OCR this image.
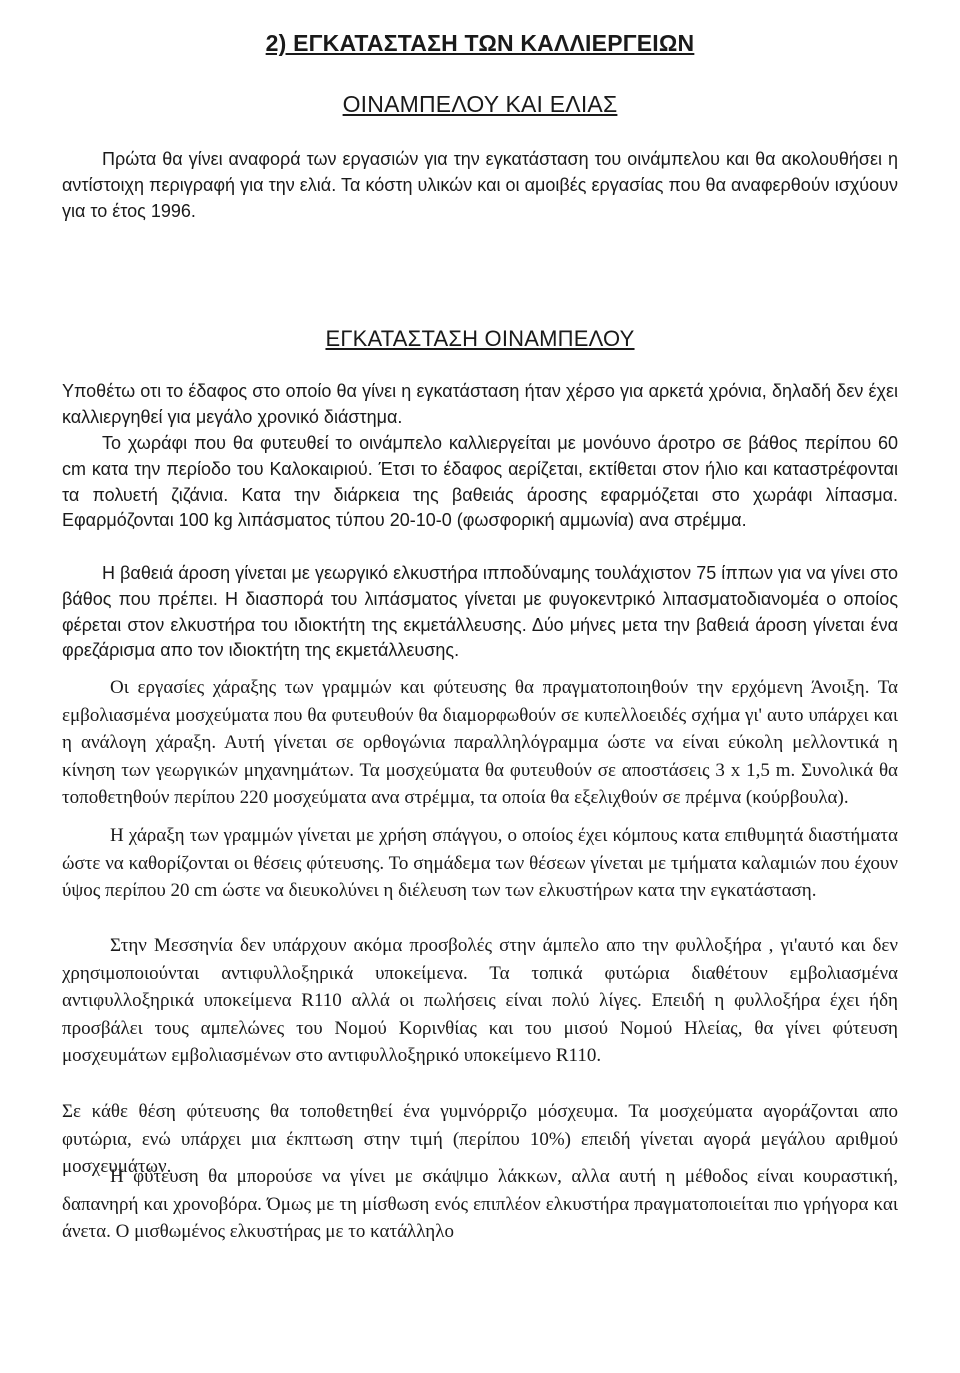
2) ΕΓΚΑΤΑΣΤΑΣΗ ΤΩΝ ΚΑΛΛΙΕΡΓΕΙΩΝ
ΟΙΝΑΜΠΕΛΟΥ ΚΑΙ ΕΛΙΑΣ

Πρώτα θα γίνει αναφορά των εργασιών για την εγκατάσταση του οινάμπελου και θα ακολουθήσει η αντίστοιχη περιγραφή για την ελιά. Τα κόστη υλικών και οι αμοιβές εργασίας που θα αναφερθούν ισχύουν για το έτος 1996.

ΕΓΚΑΤΑΣΤΑΣΗ ΟΙΝΑΜΠΕΛΟΥ

Υποθέτω οτι το έδαφος στο οποίο θα γίνει η εγκατάσταση ήταν χέρσο για αρκετά χρόνια, δηλαδή δεν έχει καλλιεργηθεί για μεγάλο χρονικό διάστημα.

Το χωράφι που θα φυτευθεί το οινάμπελο καλλιεργείται με μονόυνο άροτρο σε βάθος περίπου 60 cm κατα την περίοδο του Καλοκαιριού. Έτσι το έδαφος αερίζεται, εκτίθεται στον ήλιο και καταστρέφονται τα πολυετή ζιζάνια. Κατα την διάρκεια της βαθειάς άροσης εφαρμόζεται στο χωράφι λίπασμα. Εφαρμόζονται 100 kg λιπάσματος τύπου 20-10-0 (φωσφορική αμμωνία) ανα στρέμμα.

Η βαθειά άροση γίνεται με γεωργικό ελκυστήρα ιπποδύναμης τουλάχιστον 75 ίππων για να γίνει στο βάθος που πρέπει. Η διασπορά του λιπάσματος γίνεται με φυγοκεντρικό λιπασματοδιανομέα ο οποίος φέρεται στον ελκυστήρα του ιδιοκτήτη της εκμετάλλευσης. Δύο μήνες μετα την βαθειά άροση γίνεται ένα φρεζάρισμα απο τον ιδιοκτήτη της εκμετάλλευσης.

Οι εργασίες χάραξης των γραμμών και φύτευσης θα πραγματοποιηθούν την ερχόμενη Άνοιξη. Τα εμβολιασμένα μοσχεύματα που θα φυτευθούν θα διαμορφωθούν σε κυπελλοειδές σχήμα γι' αυτο υπάρχει και η ανάλογη χάραξη. Αυτή γίνεται σε ορθογώνια παραλληλόγραμμα ώστε να είναι εύκολη μελλοντικά η κίνηση των γεωργικών μηχανημάτων. Τα μοσχεύματα θα φυτευθούν σε αποστάσεις 3 x 1,5 m. Συνολικά θα τοποθετηθούν περίπου 220 μοσχεύματα ανα στρέμμα, τα οποία θα εξελιχθούν σε πρέμνα (κούρβουλα).

Η χάραξη των γραμμών γίνεται με χρήση σπάγγου, ο οποίος έχει κόμπους κατα επιθυμητά διαστήματα ώστε να καθορίζονται οι θέσεις φύτευσης. Το σημάδεμα των θέσεων γίνεται με τμήματα καλαμιών που έχουν ύψος περίπου 20 cm ώστε να διευκολύνει η διέλευση των των ελκυστήρων κατα την εγκατάσταση.

Στην Μεσσηνία δεν υπάρχουν ακόμα προσβολές στην άμπελο απο την φυλλοξήρα , γι'αυτό και δεν χρησιμοποιούνται αντιφυλλοξηρικά υποκείμενα. Τα τοπικά φυτώρια διαθέτουν εμβολιασμένα αντιφυλλοξηρικά υποκείμενα R110 αλλά οι πωλήσεις είναι πολύ λίγες. Επειδή η φυλλοξήρα έχει ήδη προσβάλει τους αμπελώνες του Νομού Κορινθίας και του μισού Νομού Ηλείας, θα γίνει φύτευση μοσχευμάτων εμβολιασμένων στο αντιφυλλοξηρικό υποκείμενο R110.

Σε κάθε θέση φύτευσης θα τοποθετηθεί ένα γυμνόρριζο μόσχευμα. Τα μοσχεύματα αγοράζονται απο φυτώρια, ενώ υπάρχει μια έκπτωση στην τιμή (περίπου 10%) επειδή γίνεται αγορά μεγάλου αριθμού μοσχευμάτων.

Η φύτευση θα μπορούσε να γίνει με σκάψιμο λάκκων, αλλα αυτή η μέθοδος είναι κουραστική, δαπανηρή και χρονοβόρα. Όμως με τη μίσθωση ενός επιπλέον ελκυστήρα πραγματοποιείται πιο γρήγορα και άνετα. Ο μισθωμένος ελκυστήρας με το κατάλληλο
